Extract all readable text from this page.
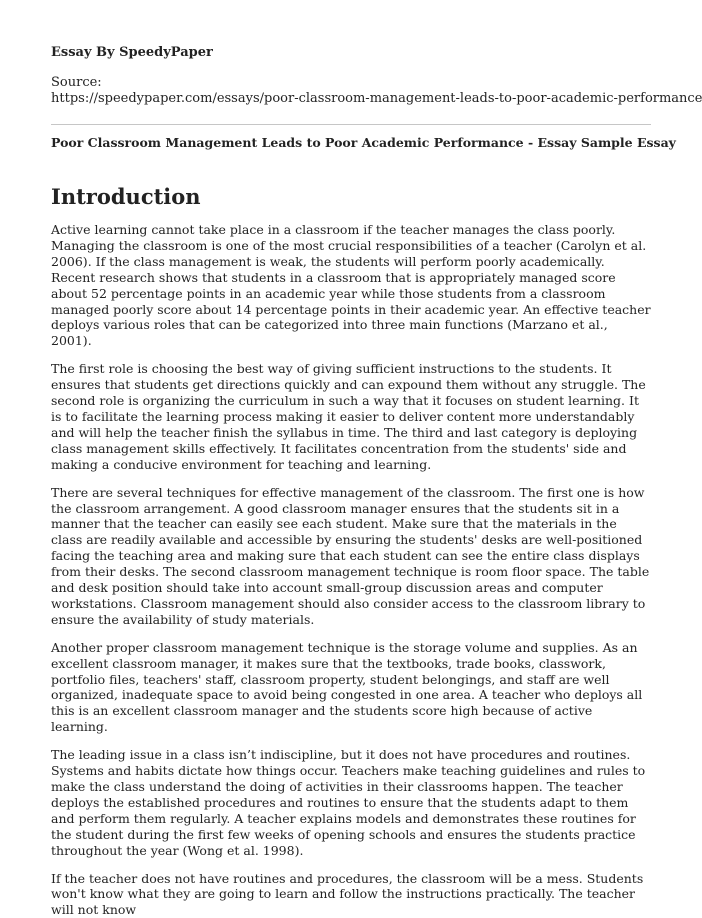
Essay By SpeedyPaper

Source:
https://speedypaper.com/essays/poor-classroom-management-leads-to-poor-academic-performance

Poor Classroom Management Leads to Poor Academic Performance - Essay Sample Essay

Introduction

Active learning cannot take place in a classroom if the teacher manages the class poorly. Managing the classroom is one of the most crucial responsibilities of a teacher (Carolyn et al. 2006). If the class management is weak, the students will perform poorly academically. Recent research shows that students in a classroom that is appropriately managed score about 52 percentage points in an academic year while those students from a classroom managed poorly score about 14 percentage points in their academic year. An effective teacher deploys various roles that can be categorized into three main functions (Marzano et al., 2001).

The first role is choosing the best way of giving sufficient instructions to the students. It ensures that students get directions quickly and can expound them without any struggle. The second role is organizing the curriculum in such a way that it focuses on student learning. It is to facilitate the learning process making it easier to deliver content more understandably and will help the teacher finish the syllabus in time. The third and last category is deploying class management skills effectively. It facilitates concentration from the students' side and making a conducive environment for teaching and learning.

There are several techniques for effective management of the classroom. The first one is how the classroom arrangement. A good classroom manager ensures that the students sit in a manner that the teacher can easily see each student. Make sure that the materials in the class are readily available and accessible by ensuring the students' desks are well-positioned facing the teaching area and making sure that each student can see the entire class displays from their desks. The second classroom management technique is room floor space. The table and desk position should take into account small-group discussion areas and computer workstations. Classroom management should also consider access to the classroom library to ensure the availability of study materials.

Another proper classroom management technique is the storage volume and supplies. As an excellent classroom manager, it makes sure that the textbooks, trade books, classwork, portfolio files, teachers' staff, classroom property, student belongings, and staff are well organized, inadequate space to avoid being congested in one area. A teacher who deploys all this is an excellent classroom manager and the students score high because of active learning.

The leading issue in a class isn’t indiscipline, but it does not have procedures and routines. Systems and habits dictate how things occur. Teachers make teaching guidelines and rules to make the class understand the doing of activities in their classrooms happen. The teacher deploys the established procedures and routines to ensure that the students adapt to them and perform them regularly. A teacher explains models and demonstrates these routines for the student during the first few weeks of opening schools and ensures the students practice throughout the year (Wong et al. 1998).

If the teacher does not have routines and procedures, the classroom will be a mess. Students won't know what they are going to learn and follow the instructions practically. The teacher will not know
